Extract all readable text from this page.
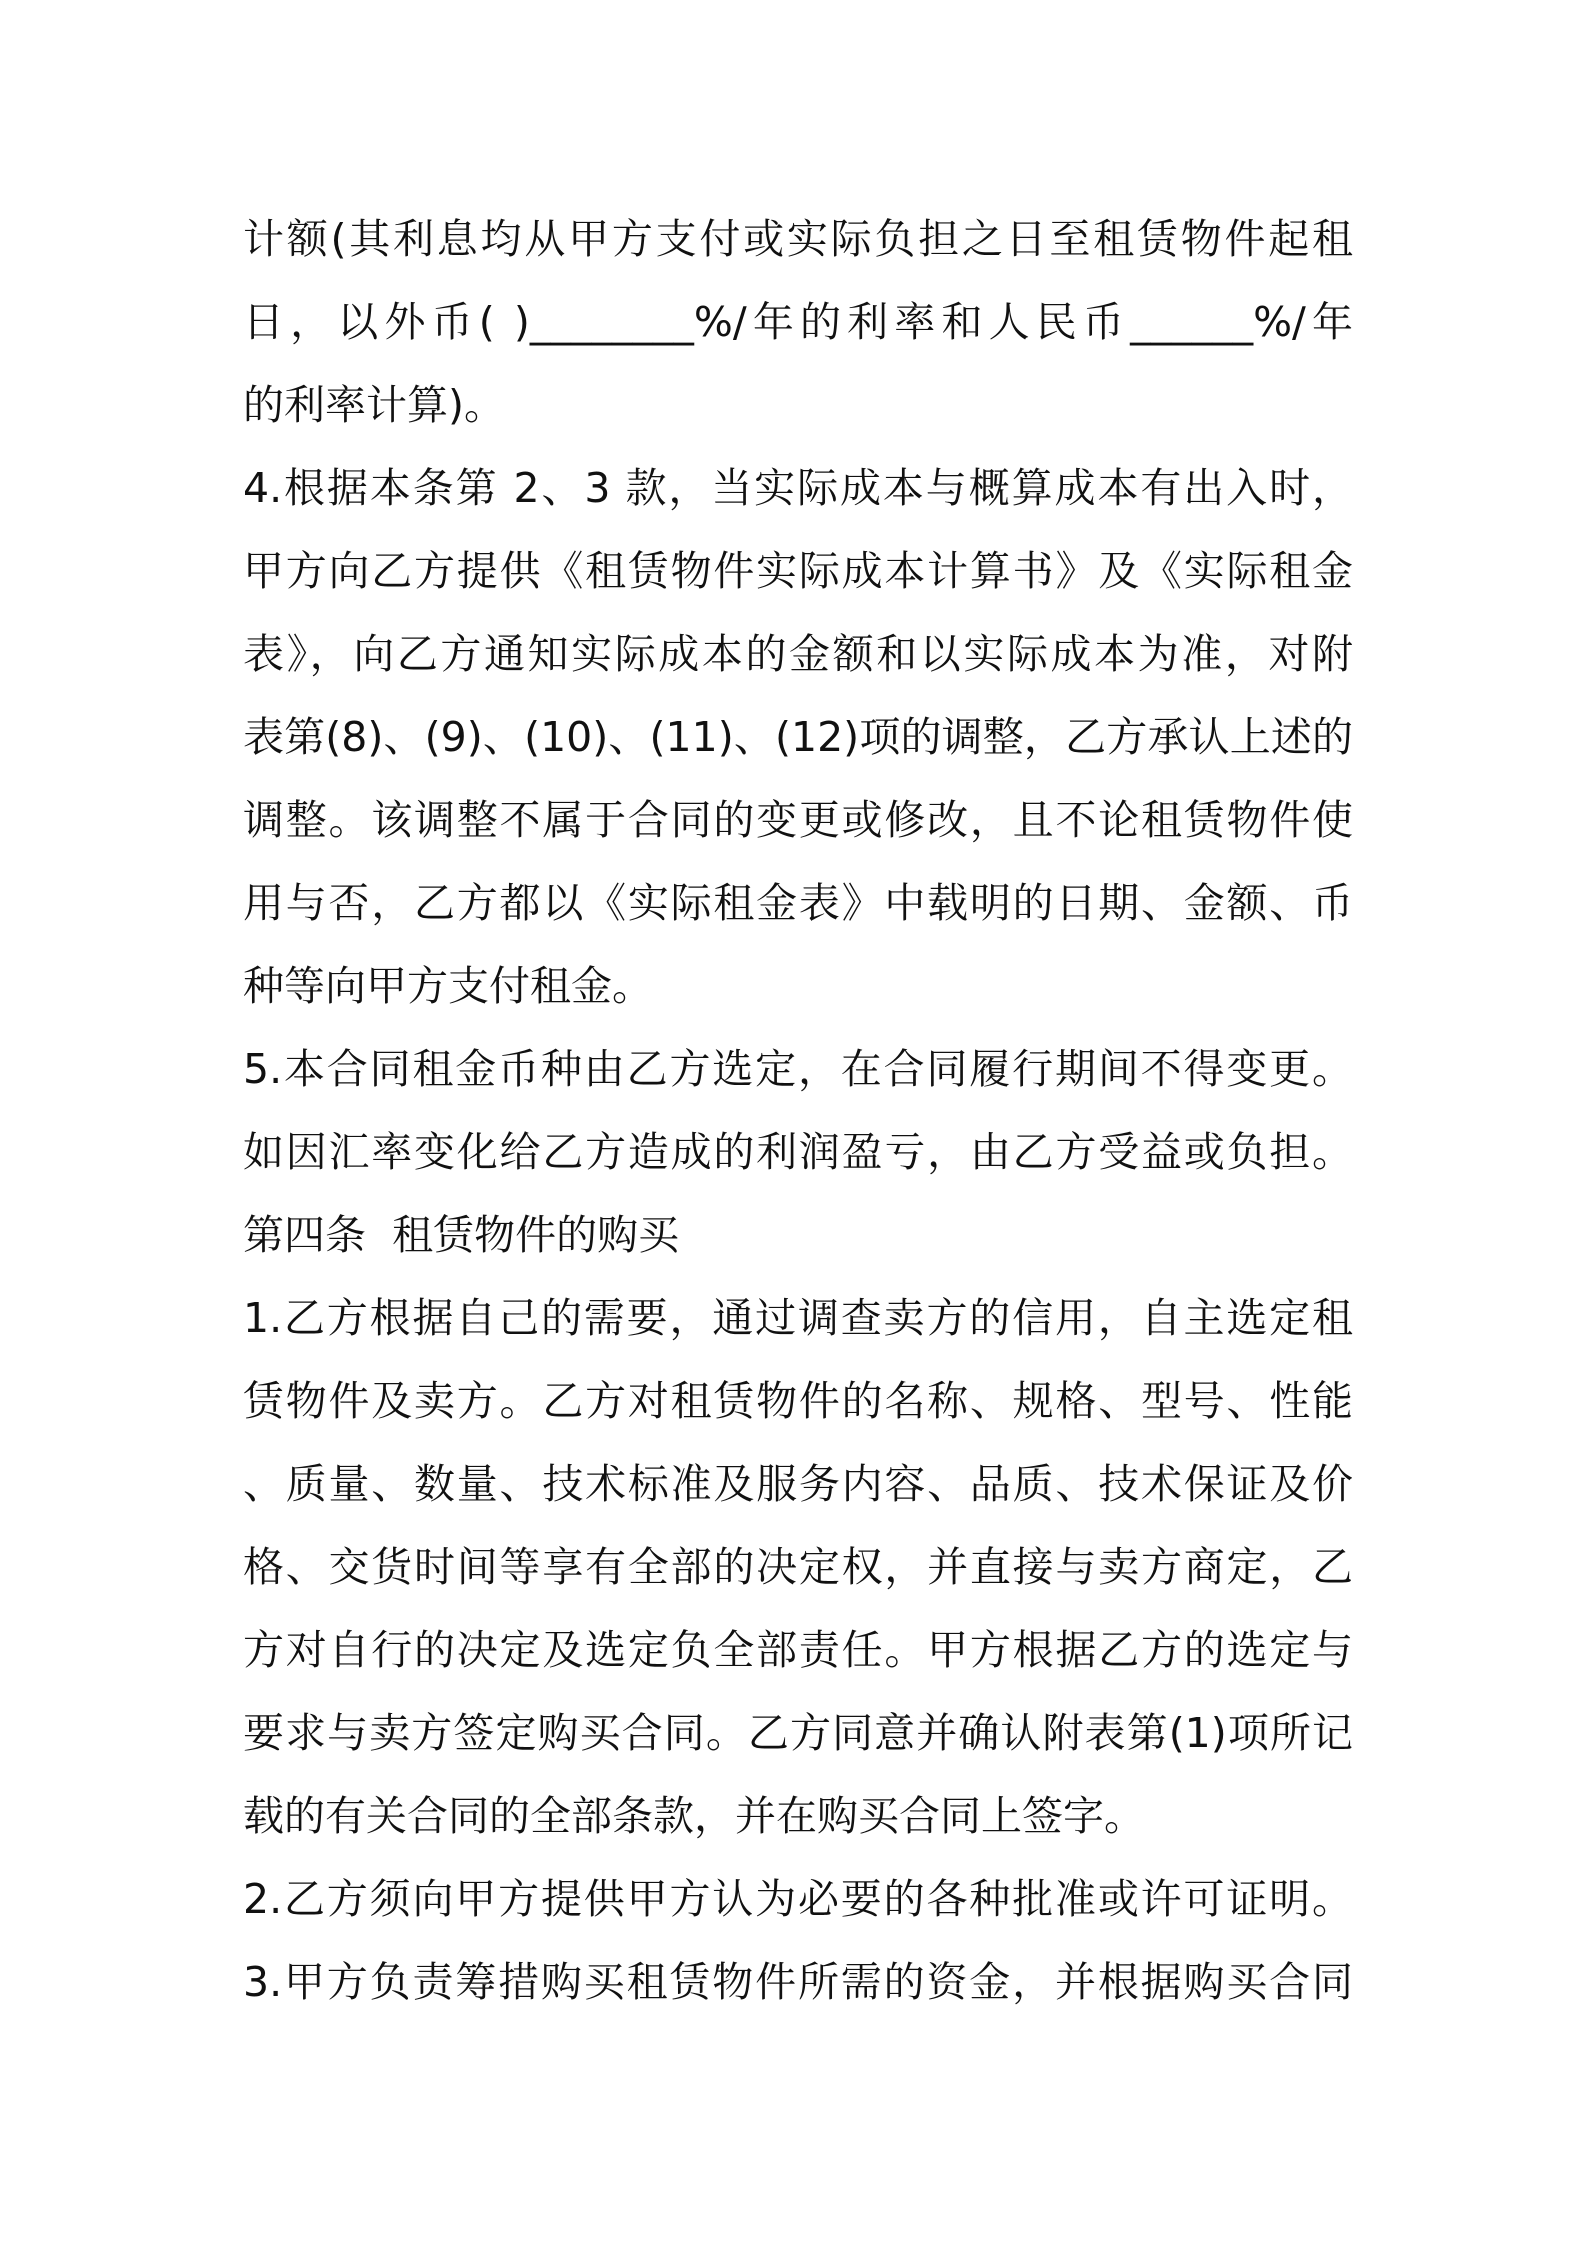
计额(其利息均从甲方支付或实际负担之日至租赁物件起租
日，以外币( )________%/年的利率和人民币______%/年
的利率计算)。
4.根据本条第 2、3 款，当实际成本与概算成本有出入时，
甲方向乙方提供《租赁物件实际成本计算书》及《实际租金
表》，向乙方通知实际成本的金额和以实际成本为准，对附
表第(8)、(9)、(10)、(11)、(12)项的调整，乙方承认上述的
调整。该调整不属于合同的变更或修改，且不论租赁物件使
用与否，乙方都以《实际租金表》中载明的日期、金额、币
种等向甲方支付租金。
5.本合同租金币种由乙方选定，在合同履行期间不得变更。
如因汇率变化给乙方造成的利润盈亏，由乙方受益或负担。
第四条  租赁物件的购买
1.乙方根据自己的需要，通过调查卖方的信用，自主选定租
赁物件及卖方。乙方对租赁物件的名称、规格、型号、性能
、质量、数量、技术标准及服务内容、品质、技术保证及价
格、交货时间等享有全部的决定权，并直接与卖方商定，乙
方对自行的决定及选定负全部责任。甲方根据乙方的选定与
要求与卖方签定购买合同。乙方同意并确认附表第(1)项所记
载的有关合同的全部条款，并在购买合同上签字。
2.乙方须向甲方提供甲方认为必要的各种批准或许可证明。
3.甲方负责筹措购买租赁物件所需的资金，并根据购买合同
